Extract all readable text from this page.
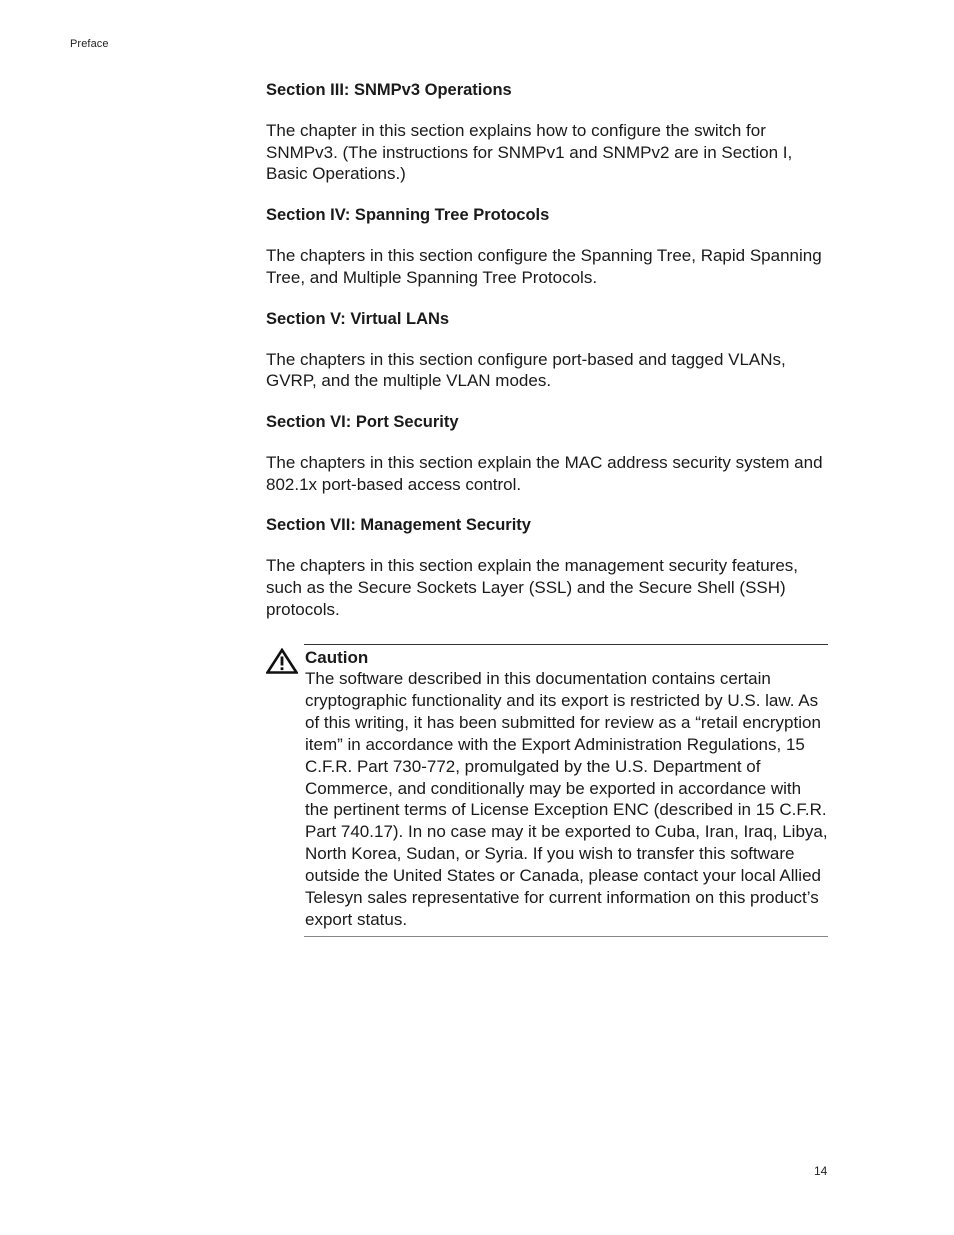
Preface
Section III: SNMPv3 Operations
The chapter in this section explains how to configure the switch for SNMPv3. (The instructions for SNMPv1 and SNMPv2 are in Section I, Basic Operations.)
Section IV: Spanning Tree Protocols
The chapters in this section configure the Spanning Tree, Rapid Spanning Tree, and Multiple Spanning Tree Protocols.
Section V: Virtual LANs
The chapters in this section configure port-based and tagged VLANs, GVRP, and the multiple VLAN modes.
Section VI: Port Security
The chapters in this section explain the MAC address security system and 802.1x port-based access control.
Section VII: Management Security
The chapters in this section explain the management security features, such as the Secure Sockets Layer (SSL) and the Secure Shell (SSH) protocols.
Caution
The software described in this documentation contains certain cryptographic functionality and its export is restricted by U.S. law. As of this writing, it has been submitted for review as a “retail encryption item” in accordance with the Export Administration Regulations, 15 C.F.R. Part 730-772, promulgated by the U.S. Department of Commerce, and conditionally may be exported in accordance with the pertinent terms of License Exception ENC (described in 15 C.F.R. Part 740.17). In no case may it be exported to Cuba, Iran, Iraq, Libya, North Korea, Sudan, or Syria. If you wish to transfer this software outside the United States or Canada, please contact your local Allied Telesyn sales representative for current information on this product’s export status.
14
